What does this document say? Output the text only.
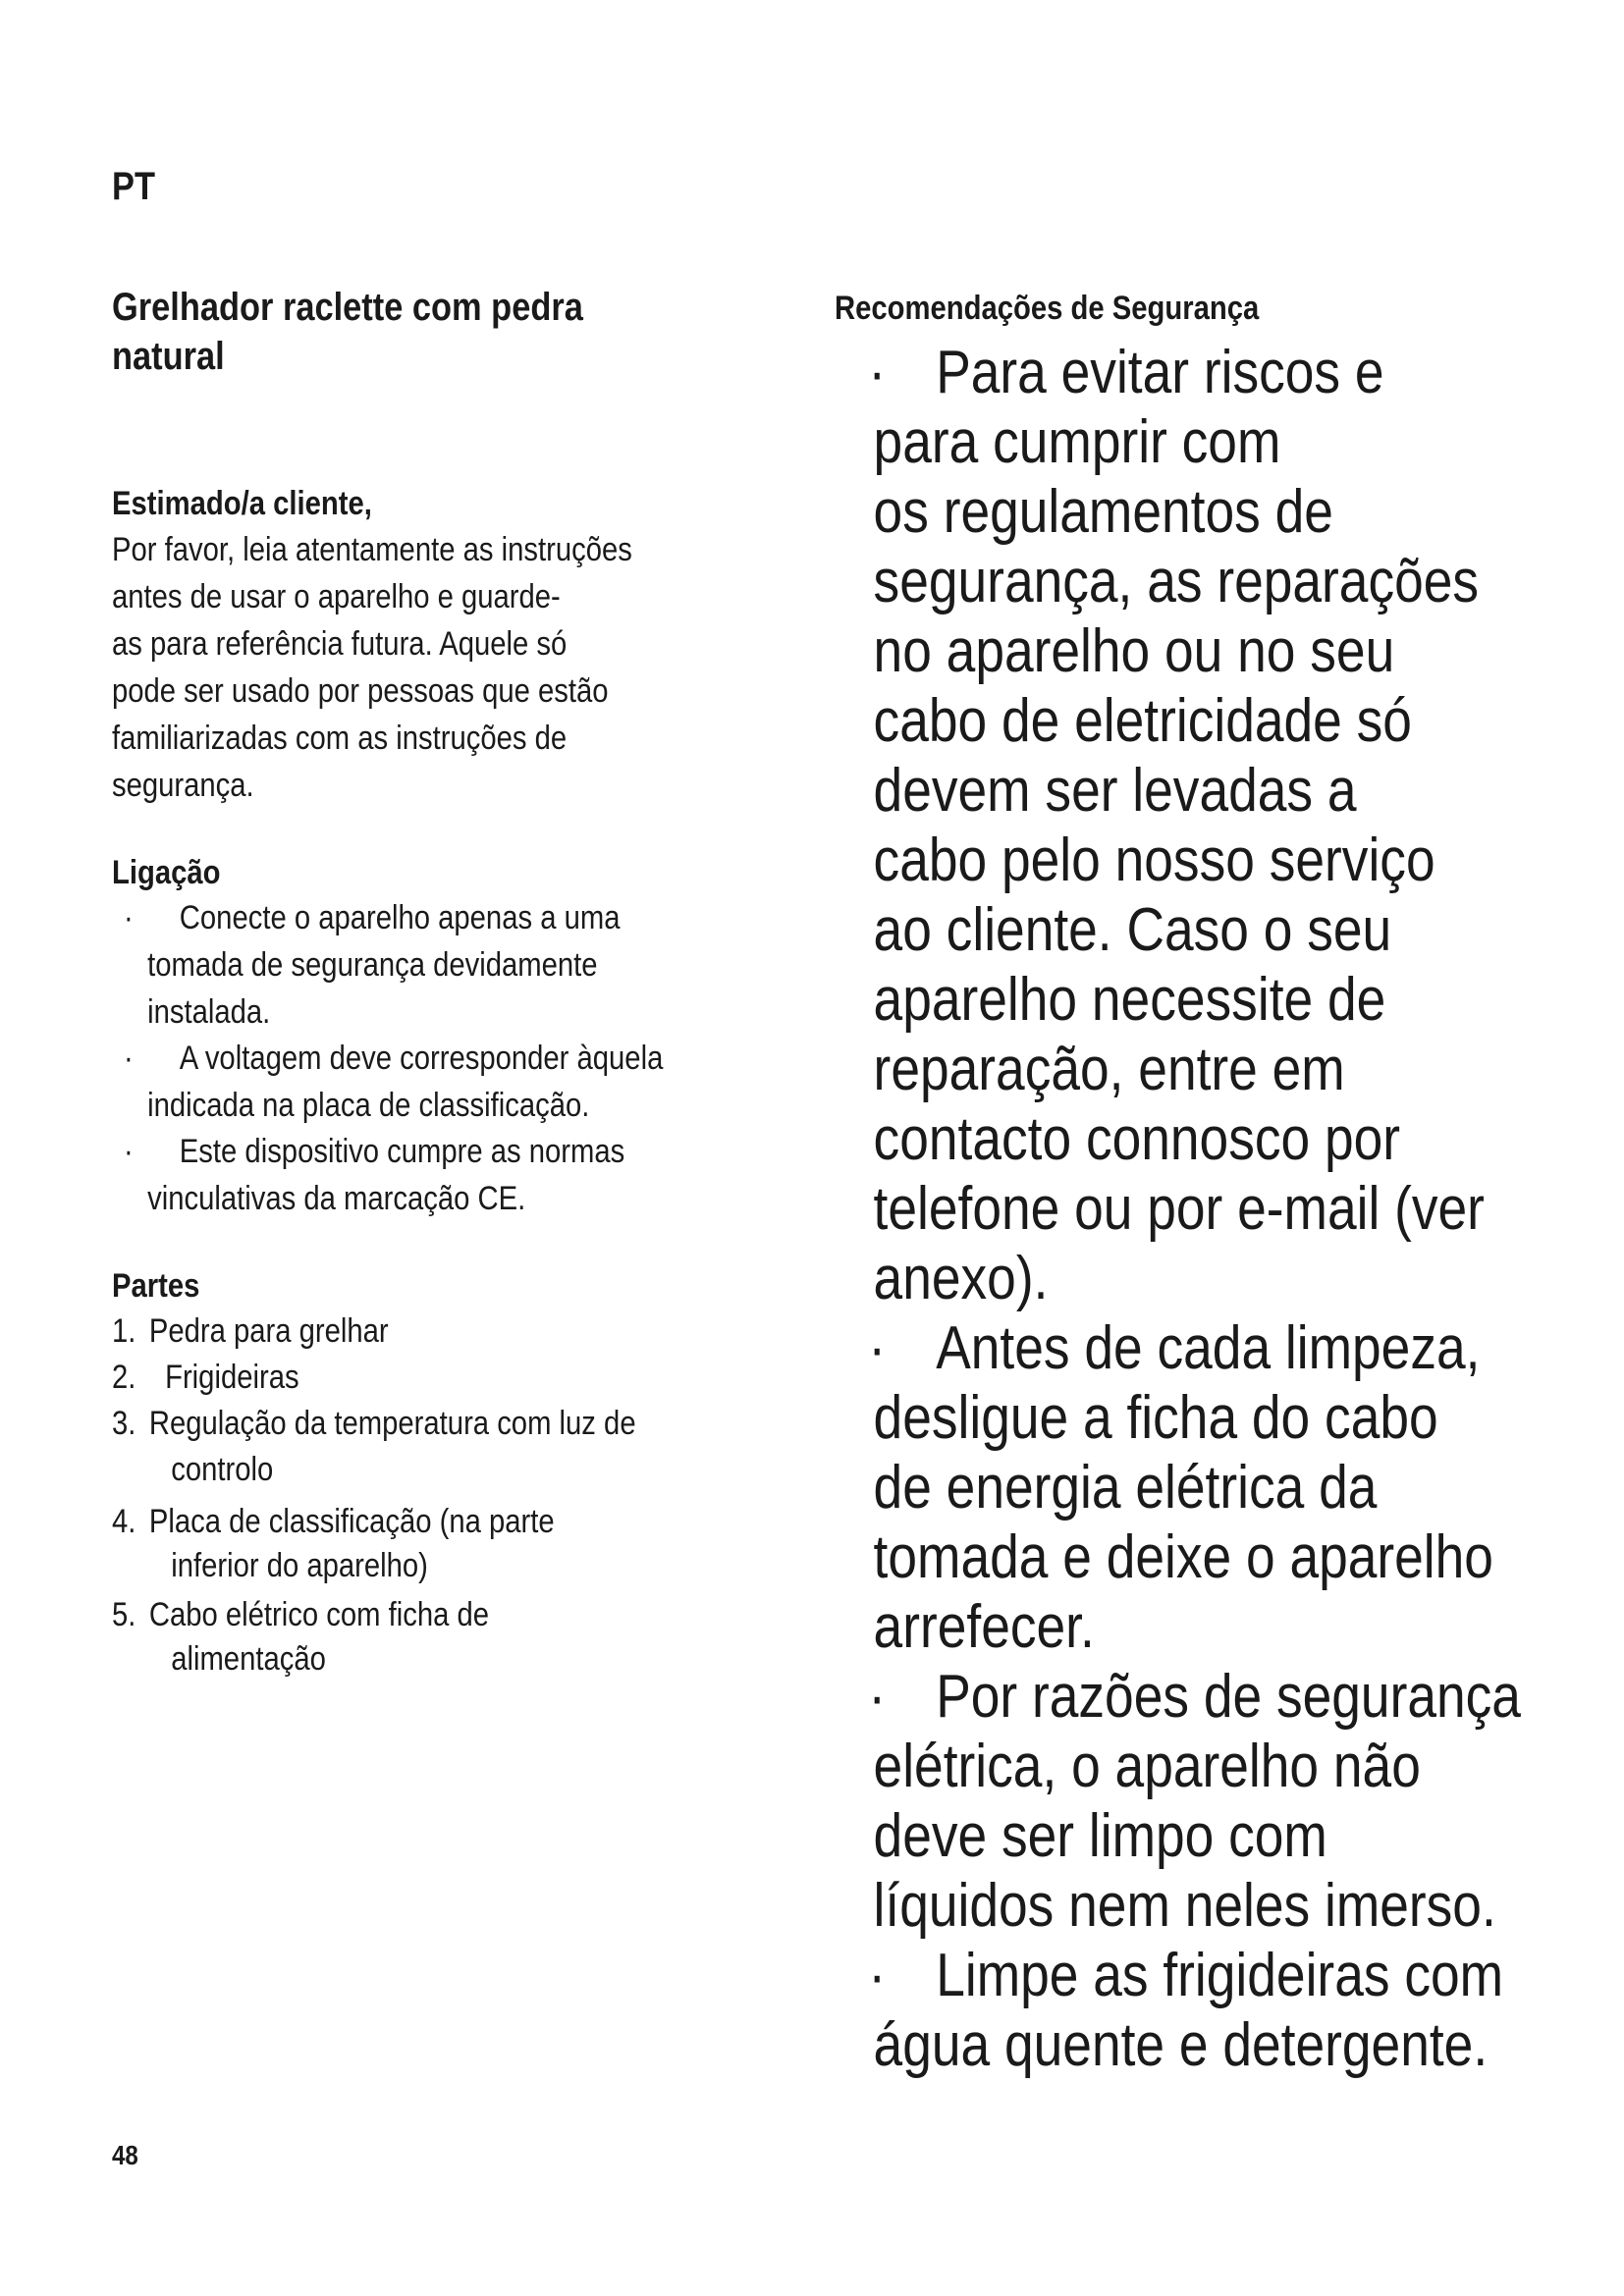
PT
Grelhador raclette com pedra
natural
Estimado/a cliente,
Por favor, leia atentamente as instruções
antes de usar o aparelho e guarde-
as para referência futura. Aquele só
pode ser usado por pessoas que estão
familiarizadas com as instruções de
segurança.
Ligação
·	Conecte o aparelho apenas a uma
tomada de segurança devidamente
instalada.
·	A voltagem deve corresponder àquela
indicada na placa de classificação.
·	Este dispositivo cumpre as normas
vinculativas da marcação CE.
Partes
1. Pedra para grelhar
2.  Frigideiras
3. Regulação da temperatura com luz de
controlo
4. Placa de classificação (na parte
inferior do aparelho)
5. Cabo elétrico com ficha de
alimentação
Recomendações de Segurança
· Para evitar riscos e
para cumprir com
os regulamentos de
segurança, as reparações
no aparelho ou no seu
cabo de eletricidade só
devem ser levadas a
cabo pelo nosso serviço
ao cliente. Caso o seu
aparelho necessite de
reparação, entre em
contacto connosco por
telefone ou por e-mail (ver
anexo).
· Antes de cada limpeza,
desligue a ficha do cabo
de energia elétrica da
tomada e deixe o aparelho
arrefecer.
· Por razões de segurança
elétrica, o aparelho não
deve ser limpo com
líquidos nem neles imerso.
· Limpe as frigideiras com
água quente e detergente.
48
